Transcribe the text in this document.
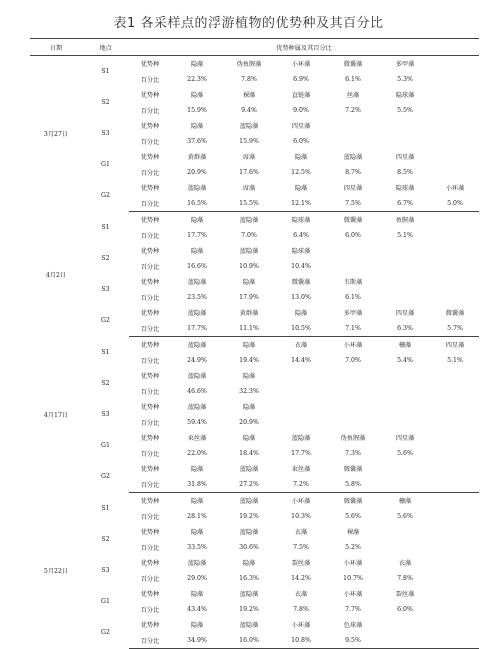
表1 各采样点的浮游植物的优势种及其百分比
日期	地点	优势种属及其百分比						
3月27日	S1	优势种	隐藻	伪鱼腥藻	小环藻	微囊藻	多甲藻	
		百分比	22.3%	7.8%	6.9%	6.1%	5.3%	
	S2	优势种	隐藻	裸藻	直链藻	丝藻	隐球藻	
		百分比	15.9%	9.4%	9.0%	7.2%	5.5%	
	S3	优势种	隐藻	蓝隐藻	四星藻			
		百分比	37.6%	15.9%	6.0%			
	G1	优势种	黄群藻	席藻	隐藻	蓝隐藻	四星藻	
		百分比	20.9%	17.6%	12.5%	8.7%	8.5%	
	G2	优势种	蓝隐藻	席藻	隐藻	四星藻	隐球藻	小环藻
		百分比	16.5%	15.5%	12.1%	7.5%	6.7%	5.0%
4月2日	S1	优势种	隐藻	蓝隐藻	隐球藻	微囊藻	鱼腥藻	
		百分比	17.7%	7.0%	6.4%	6.0%	5.1%	
	S2	优势种	隐藻	蓝隐藻	隐球藻			
		百分比	16.6%	10.9%	10.4%			
	S3	优势种	蓝隐藻	隐藻	微囊藻	韦斯藻		
		百分比	23.5%	17.9%	13.0%	6.1%		
	G2	优势种	蓝隐藻	黄群藻	隐藻	多甲藻	四星藻	微囊藻
		百分比	17.7%	11.1%	10.5%	7.1%	6.3%	5.7%
4月17日	S1	优势种	蓝隐藻	隐藻	衣藻	小环藻	栅藻	四星藻
		百分比	24.9%	19.4%	14.4%	7.0%	5.4%	5.1%
	S2	优势种	蓝隐藻	隐藻				
		百分比	46.6%	32.3%				
	S3	优势种	蓝隐藻	隐藻				
		百分比	59.4%	20.9%				
	G1	优势种	束丝藻	隐藻	蓝隐藻	伪鱼腥藻	四星藻	
		百分比	22.0%	18.4%	17.7%	7.3%	5.6%	
	G2	优势种	隐藻	蓝隐藻	束丝藻	微囊藻		
		百分比	31.8%	27.2%	7.2%	5.8%		
5月22日	S1	优势种	隐藻	蓝隐藻	小环藻	微囊藻	栅藻	
		百分比	28.1%	19.2%	10.3%	5.6%	5.6%	
	S2	优势种	隐藻	蓝隐藻	衣藻	裸藻		
		百分比	33.5%	30.6%	7.5%	5.2%		
	S3	优势种	蓝隐藻	隐藻	裂丝藻	小环藻	衣藻	
		百分比	29.0%	16.3%	14.2%	10.7%	7.8%	
	G1	优势种	隐藻	蓝隐藻	衣藻	小环藻	裂丝藻	
		百分比	43.4%	19.2%	7.8%	7.7%	6.0%	
	G2	优势种	隐藻	蓝隐藻	小环藻	色球藻		
		百分比	34.9%	16.0%	10.8%	9.5%		
